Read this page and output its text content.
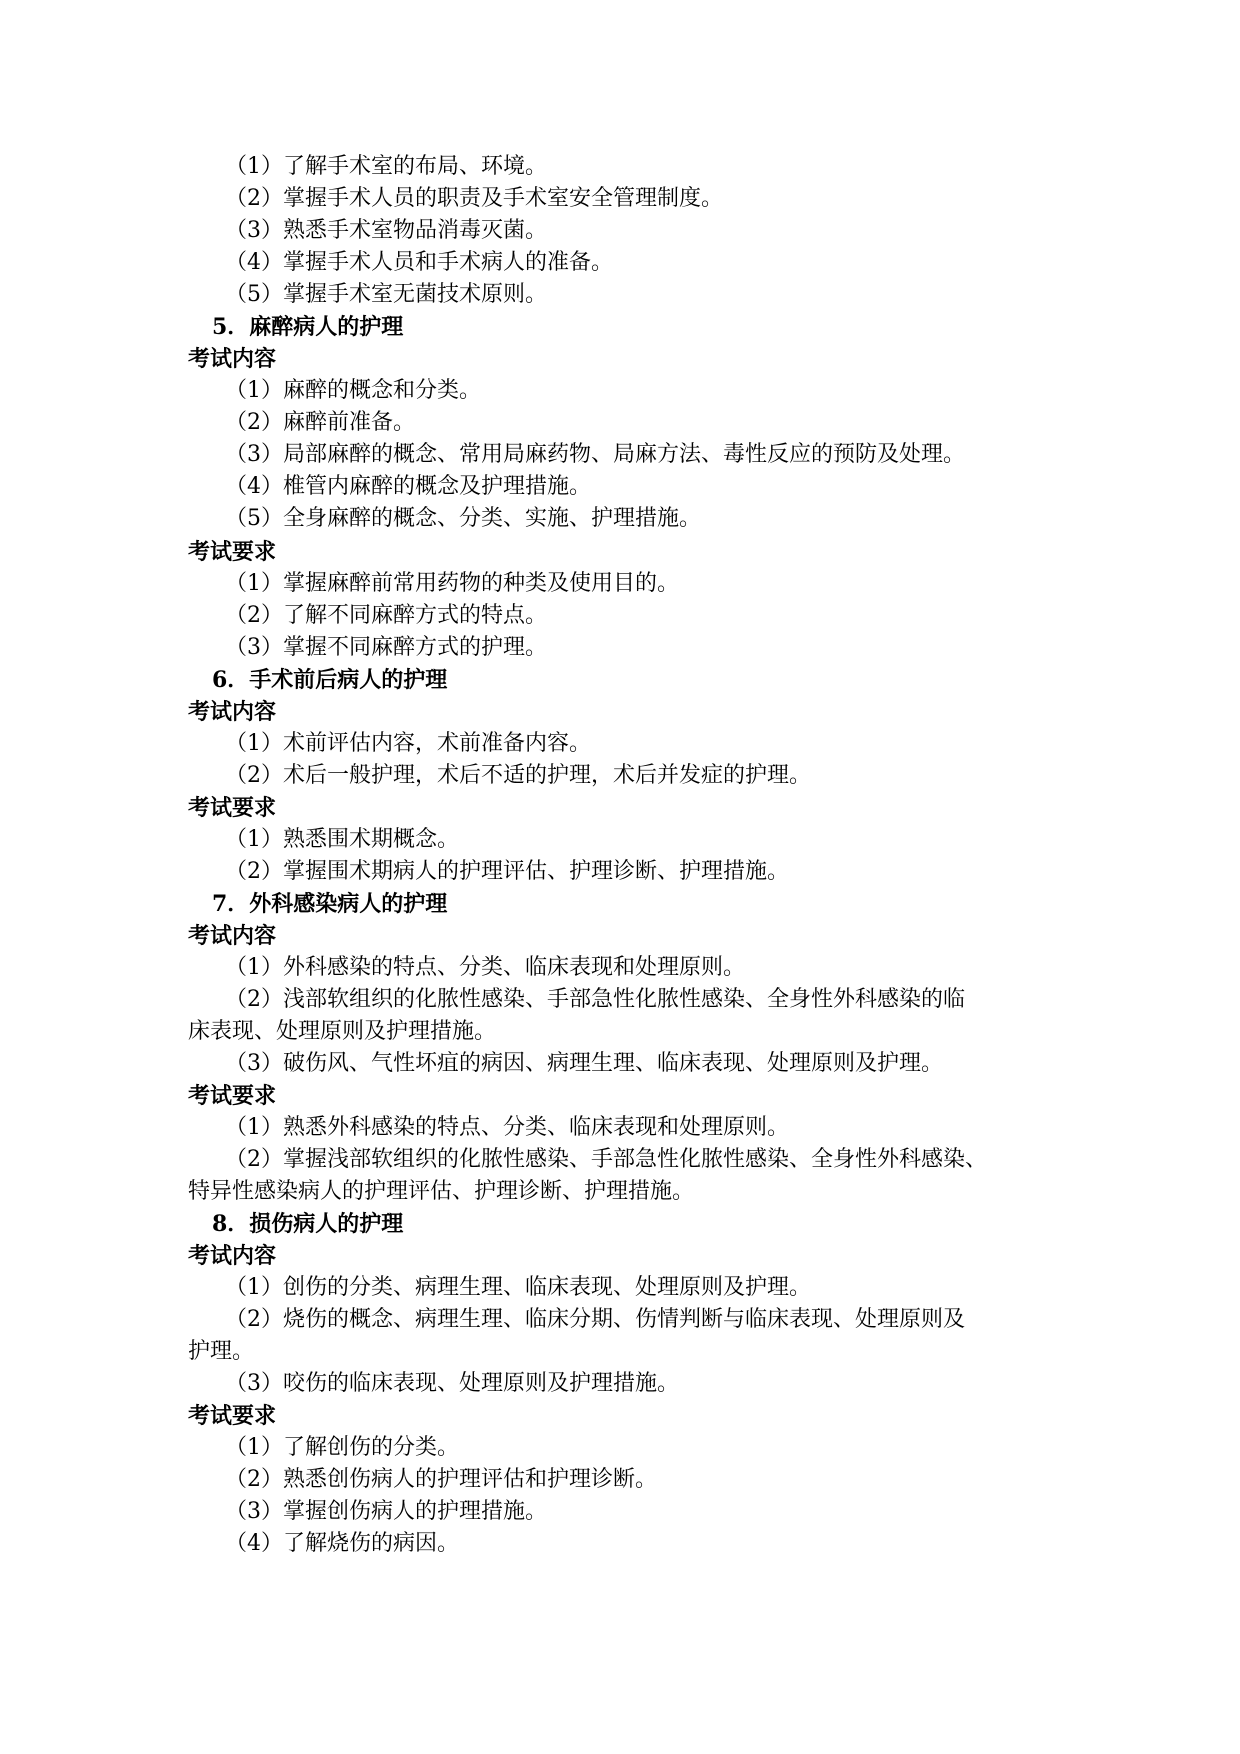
（1）了解手术室的布局、环境。
（2）掌握手术人员的职责及手术室安全管理制度。
（3）熟悉手术室物品消毒灭菌。
（4）掌握手术人员和手术病人的准备。
（5）掌握手术室无菌技术原则。
5．麻醉病人的护理
考试内容
（1）麻醉的概念和分类。
（2）麻醉前准备。
（3）局部麻醉的概念、常用局麻药物、局麻方法、毒性反应的预防及处理。
（4）椎管内麻醉的概念及护理措施。
（5）全身麻醉的概念、分类、实施、护理措施。
考试要求
（1）掌握麻醉前常用药物的种类及使用目的。
（2）了解不同麻醉方式的特点。
（3）掌握不同麻醉方式的护理。
6．手术前后病人的护理
考试内容
（1）术前评估内容，术前准备内容。
（2）术后一般护理，术后不适的护理，术后并发症的护理。
考试要求
（1）熟悉围术期概念。
（2）掌握围术期病人的护理评估、护理诊断、护理措施。
7．外科感染病人的护理
考试内容
（1）外科感染的特点、分类、临床表现和处理原则。
（2）浅部软组织的化脓性感染、手部急性化脓性感染、全身性外科感染的临
床表现、处理原则及护理措施。
（3）破伤风、气性坏疽的病因、病理生理、临床表现、处理原则及护理。
考试要求
（1）熟悉外科感染的特点、分类、临床表现和处理原则。
（2）掌握浅部软组织的化脓性感染、手部急性化脓性感染、全身性外科感染、
特异性感染病人的护理评估、护理诊断、护理措施。
8．损伤病人的护理
考试内容
（1）创伤的分类、病理生理、临床表现、处理原则及护理。
（2）烧伤的概念、病理生理、临床分期、伤情判断与临床表现、处理原则及
护理。
（3）咬伤的临床表现、处理原则及护理措施。
考试要求
（1）了解创伤的分类。
（2）熟悉创伤病人的护理评估和护理诊断。
（3）掌握创伤病人的护理措施。
（4）了解烧伤的病因。
